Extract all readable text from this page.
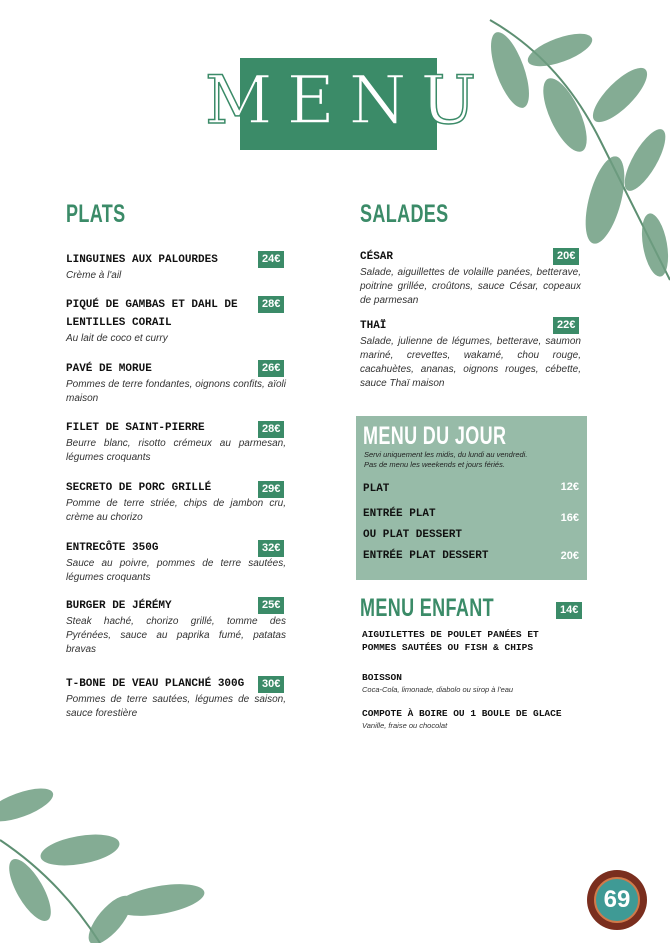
MENU
PLATS
LINGUINES AUX PALOURDES
Crème à l'ail
24€
PIQUÉ DE GAMBAS ET DAHL DE LENTILLES CORAIL
Au lait de coco et curry
28€
PAVÉ DE MORUE
Pommes de terre fondantes, oignons confits, aïoli maison
26€
FILET DE SAINT-PIERRE
Beurre blanc, risotto crémeux au parmesan, légumes croquants
28€
SECRETO DE PORC GRILLÉ
Pomme de terre striée, chips de jambon cru, crème au chorizo
29€
ENTRECÔTE 350G
Sauce au poivre, pommes de terre sautées, légumes croquants
32€
BURGER DE JÉRÉMY
Steak haché, chorizo grillé, tomme des Pyrénées, sauce au paprika fumé, patatas bravas
25€
T-BONE DE VEAU PLANCHÉ 300G
Pommes de terre sautées, légumes de saison, sauce forestière
30€
SALADES
CÉSAR
Salade, aiguillettes de volaille panées, betterave, poitrine grillée, croûtons, sauce César, copeaux de parmesan
20€
THAÏ
Salade, julienne de légumes, betterave, saumon mariné, crevettes, wakamé, chou rouge, cacahuètes, ananas, oignons rouges, cébette, sauce Thaï maison
22€
MENU DU JOUR
Servi uniquement les midis, du lundi au vendredi.
Pas de menu les weekends et jours fériés.
PLAT	12€
ENTRÉE PLAT
OU PLAT DESSERT
16€
ENTRÉE PLAT DESSERT	20€
MENU ENFANT	14€
AIGUILETTES DE POULET PANÉES ET POMMES SAUTÉES OU FISH & CHIPS
BOISSON
Coca-Cola, limonade, diabolo ou sirop à l'eau
COMPOTE À BOIRE OU 1 BOULE DE GLACE
Vanille, fraise ou chocolat
69
